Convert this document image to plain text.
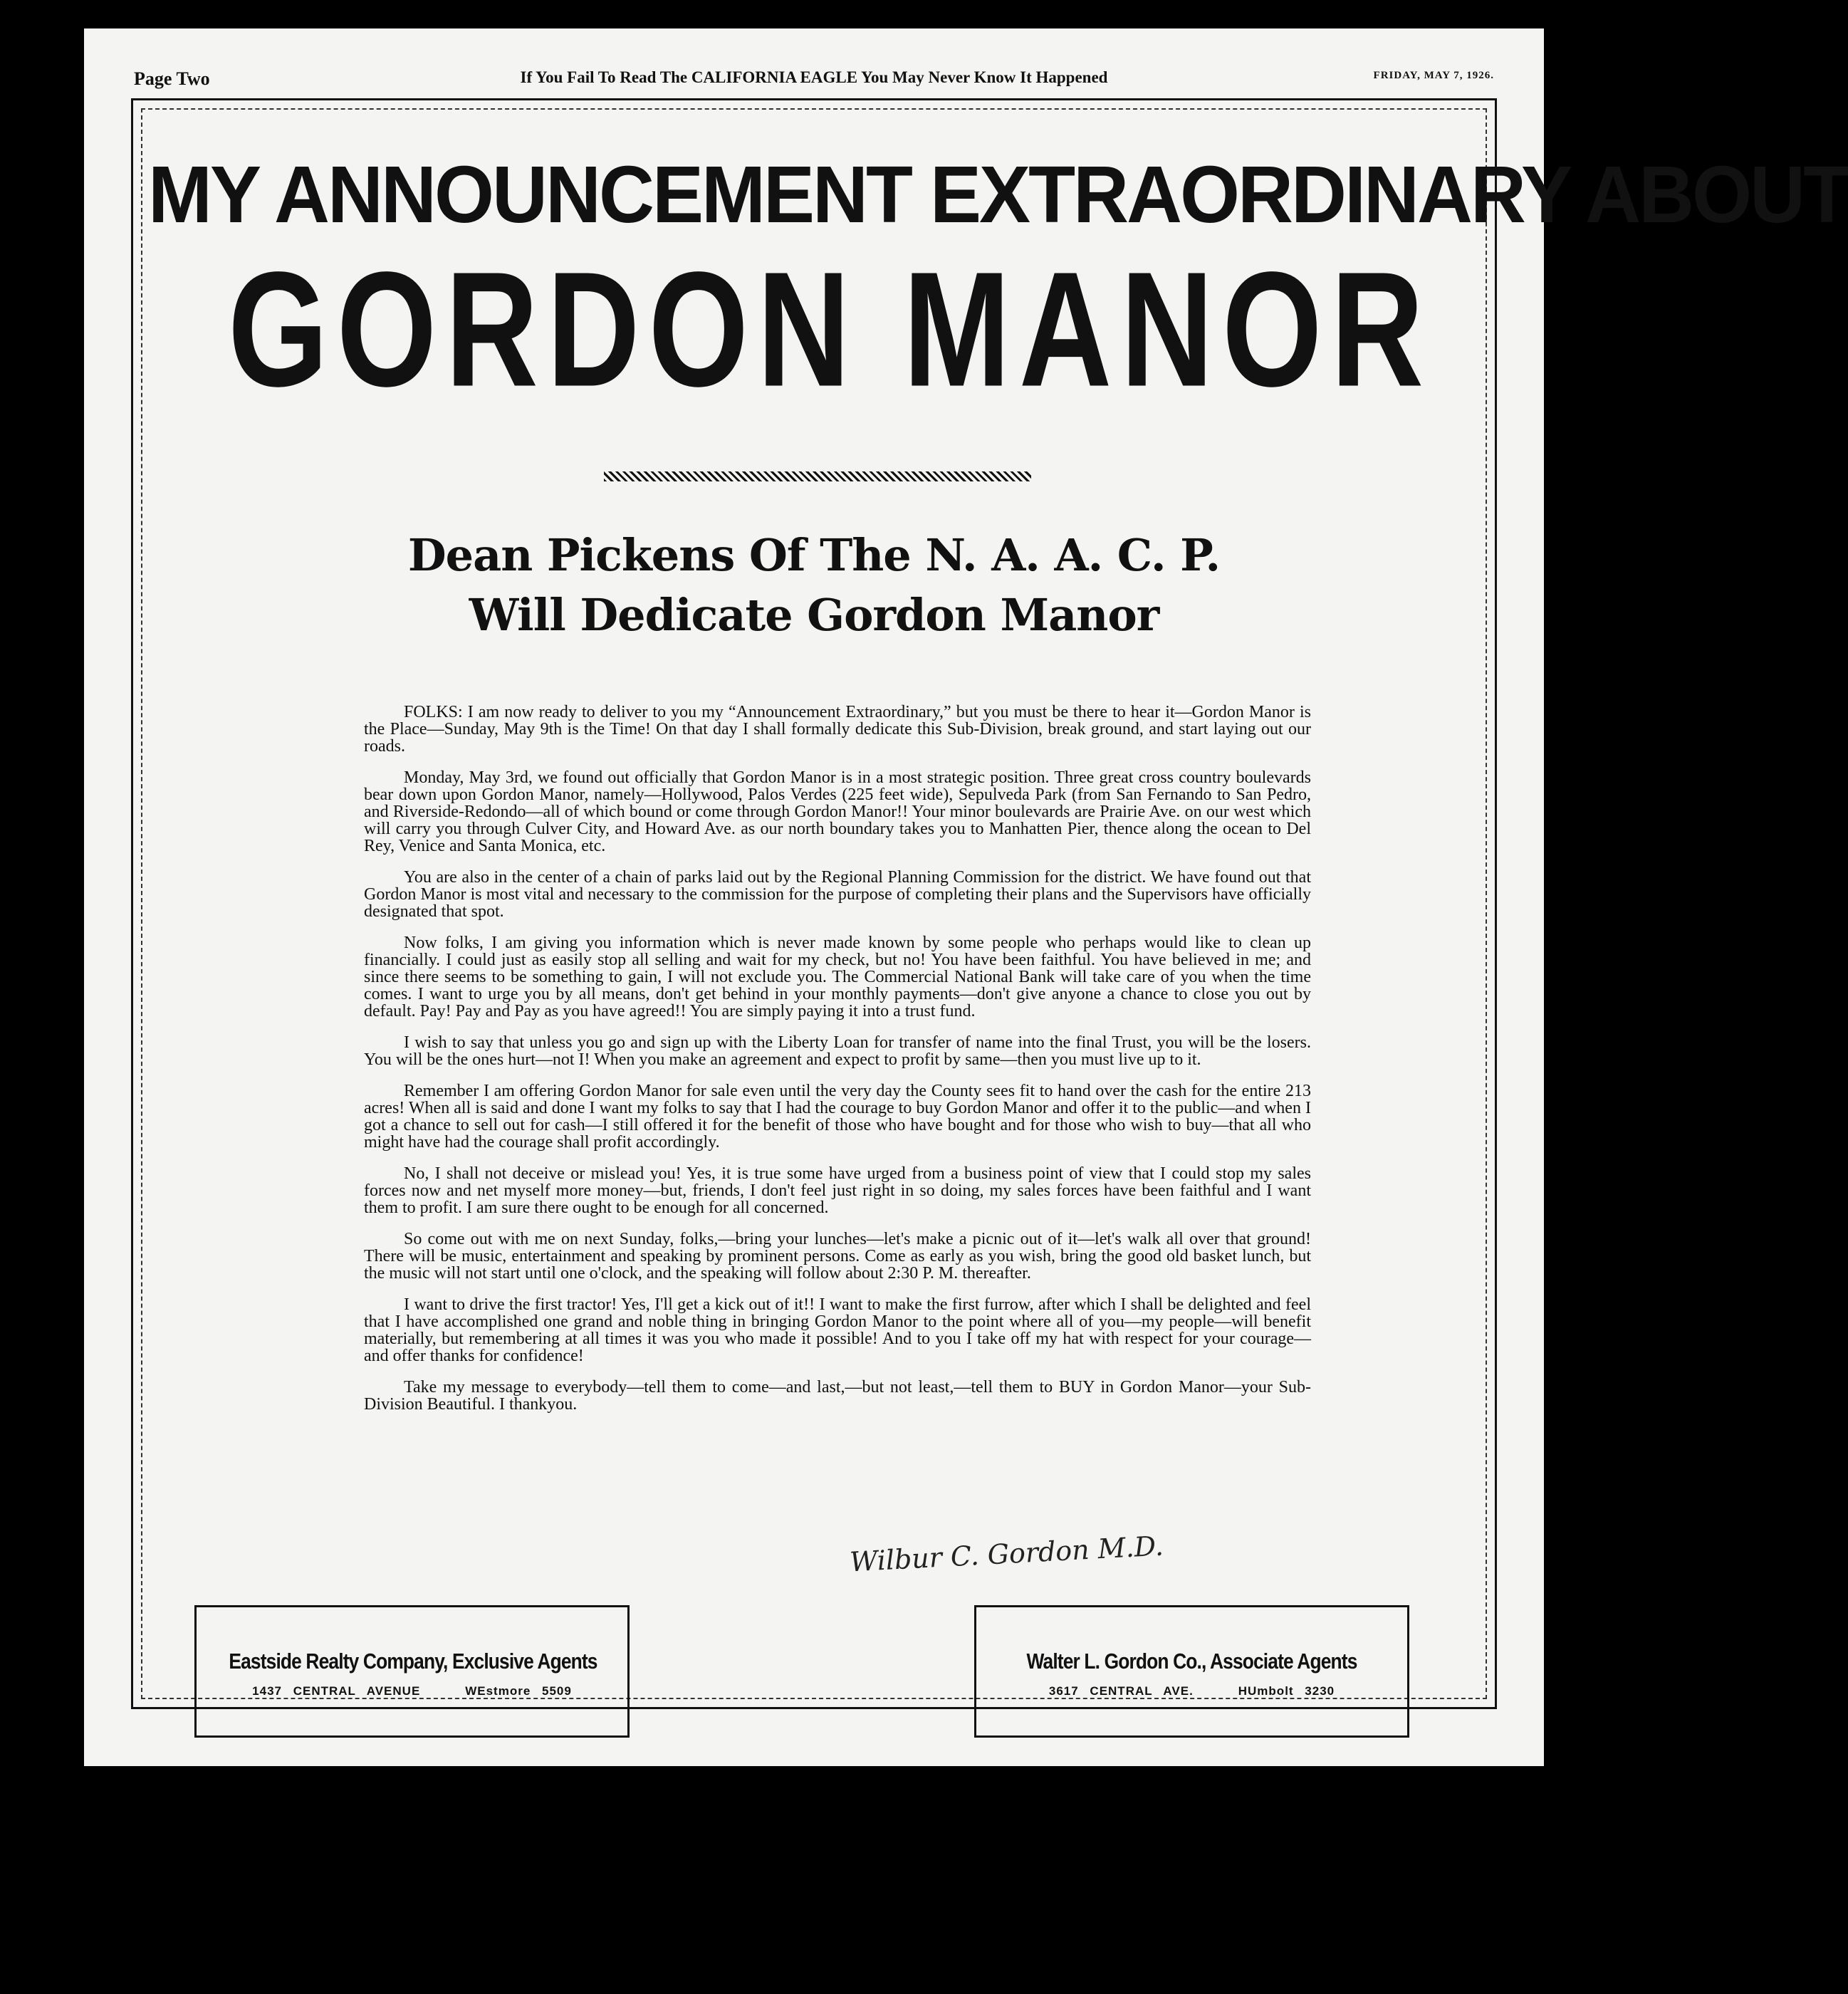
Page Two	If You Fail To Read The CALIFORNIA EAGLE You May Never Know It Happened	FRIDAY, MAY 7, 1926.
MY ANNOUNCEMENT EXTRAORDINARY ABOUT
GORDON MANOR
Dean Pickens Of The N. A. A. C. P.
Will Dedicate Gordon Manor

FOLKS: I am now ready to deliver to you my “Announcement Extraordinary,” but you must be there to hear it—Gordon Manor is the Place—Sunday, May 9th is the Time! On that day I shall formally dedicate this Sub-Division, break ground, and start laying out our roads.

Monday, May 3rd, we found out officially that Gordon Manor is in a most strategic position. Three great cross country boulevards bear down upon Gordon Manor, namely—Hollywood, Palos Verdes (225 feet wide), Sepulveda Park (from San Fernando to San Pedro, and Riverside-Redondo—all of which bound or come through Gordon Manor!! Your minor boulevards are Prairie Ave. on our west which will carry you through Culver City, and Howard Ave. as our north boundary takes you to Manhatten Pier, thence along the ocean to Del Rey, Venice and Santa Monica, etc.

You are also in the center of a chain of parks laid out by the Regional Planning Commission for the district. We have found out that Gordon Manor is most vital and necessary to the commission for the purpose of completing their plans and the Supervisors have officially designated that spot.

Now folks, I am giving you information which is never made known by some people who perhaps would like to clean up financially. I could just as easily stop all selling and wait for my check, but no! You have been faithful. You have believed in me; and since there seems to be something to gain, I will not exclude you. The Commercial National Bank will take care of you when the time comes. I want to urge you by all means, don't get behind in your monthly payments—don't give anyone a chance to close you out by default. Pay! Pay and Pay as you have agreed!! You are simply paying it into a trust fund.

I wish to say that unless you go and sign up with the Liberty Loan for transfer of name into the final Trust, you will be the losers. You will be the ones hurt—not I! When you make an agreement and expect to profit by same—then you must live up to it.

Remember I am offering Gordon Manor for sale even until the very day the County sees fit to hand over the cash for the entire 213 acres! When all is said and done I want my folks to say that I had the courage to buy Gordon Manor and offer it to the public—and when I got a chance to sell out for cash—I still offered it for the benefit of those who have bought and for those who wish to buy—that all who might have had the courage shall profit accordingly.

No, I shall not deceive or mislead you! Yes, it is true some have urged from a business point of view that I could stop my sales forces now and net myself more money—but, friends, I don't feel just right in so doing, my sales forces have been faithful and I want them to profit. I am sure there ought to be enough for all concerned.

So come out with me on next Sunday, folks,—bring your lunches—let's make a picnic out of it—let's walk all over that ground! There will be music, entertainment and speaking by prominent persons. Come as early as you wish, bring the good old basket lunch, but the music will not start until one o'clock, and the speaking will follow about 2:30 P. M. thereafter.

I want to drive the first tractor! Yes, I'll get a kick out of it!! I want to make the first furrow, after which I shall be delighted and feel that I have accomplished one grand and noble thing in bringing Gordon Manor to the point where all of you—my people—will benefit materially, but remembering at all times it was you who made it possible! And to you I take off my hat with respect for your courage—and offer thanks for confidence!

Take my message to everybody—tell them to come—and last,—but not least,—tell them to BUY in Gordon Manor—your Sub-Division Beautiful. I thankyou.

Wilbur C. Gordon M.D.
Eastside Realty Company, Exclusive Agents
1437 CENTRAL AVENUE	WEstmore 5509
Walter L. Gordon Co., Associate Agents
3617 CENTRAL AVE.	HUmbolt 3230
